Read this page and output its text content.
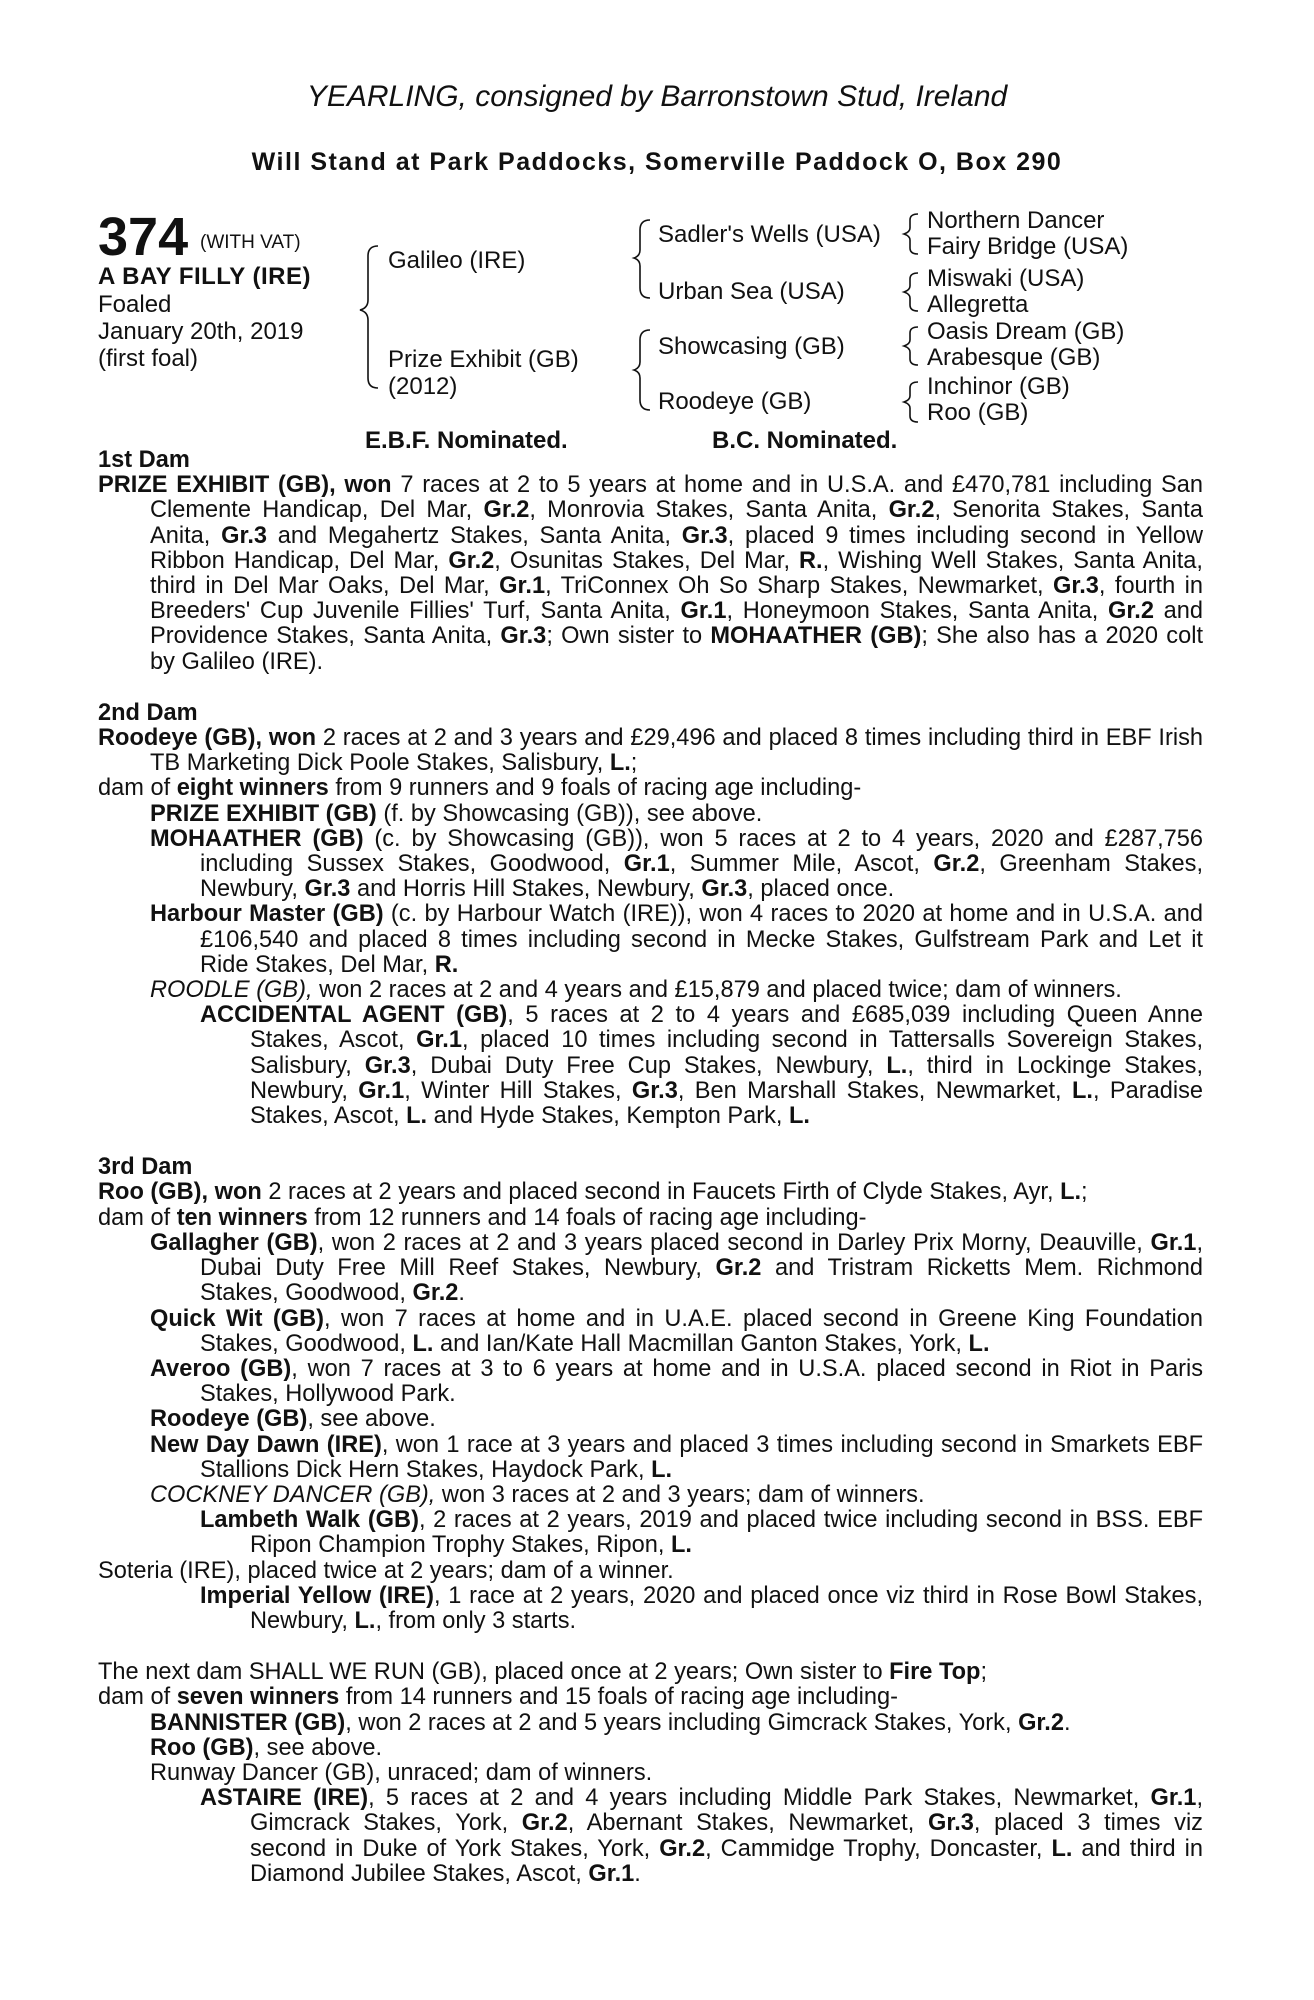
YEARLING, consigned by Barronstown Stud, Ireland
Will Stand at Park Paddocks, Somerville Paddock O, Box 290
374 (WITH VAT)
A BAY FILLY (IRE)
Foaled
January 20th, 2019
(first foal)
Galileo (IRE)
Prize Exhibit (GB)
(2012)
Sadler's Wells (USA)
Urban Sea (USA)
Showcasing (GB)
Roodeye (GB)
Northern Dancer
Fairy Bridge (USA)
Miswaki (USA)
Allegretta
Oasis Dream (GB)
Arabesque (GB)
Inchinor (GB)
Roo (GB)
E.B.F. Nominated.	B.C. Nominated.

1st Dam

PRIZE EXHIBIT (GB), won 7 races at 2 to 5 years at home and in U.S.A. and £470,781 including San Clemente Handicap, Del Mar, Gr.2, Monrovia Stakes, Santa Anita, Gr.2, Senorita Stakes, Santa Anita, Gr.3 and Megahertz Stakes, Santa Anita, Gr.3, placed 9 times including second in Yellow Ribbon Handicap, Del Mar, Gr.2, Osunitas Stakes, Del Mar, R., Wishing Well Stakes, Santa Anita, third in Del Mar Oaks, Del Mar, Gr.1, TriConnex Oh So Sharp Stakes, Newmarket, Gr.3, fourth in Breeders' Cup Juvenile Fillies' Turf, Santa Anita, Gr.1, Honeymoon Stakes, Santa Anita, Gr.2 and Providence Stakes, Santa Anita, Gr.3; Own sister to MOHAATHER (GB); She also has a 2020 colt by Galileo (IRE).

2nd Dam

Roodeye (GB), won 2 races at 2 and 3 years and £29,496 and placed 8 times including third in EBF Irish TB Marketing Dick Poole Stakes, Salisbury, L.;

dam of eight winners from 9 runners and 9 foals of racing age including-

PRIZE EXHIBIT (GB) (f. by Showcasing (GB)), see above.

MOHAATHER (GB) (c. by Showcasing (GB)), won 5 races at 2 to 4 years, 2020 and £287,756 including Sussex Stakes, Goodwood, Gr.1, Summer Mile, Ascot, Gr.2, Greenham Stakes, Newbury, Gr.3 and Horris Hill Stakes, Newbury, Gr.3, placed once.

Harbour Master (GB) (c. by Harbour Watch (IRE)), won 4 races to 2020 at home and in U.S.A. and £106,540 and placed 8 times including second in Mecke Stakes, Gulfstream Park and Let it Ride Stakes, Del Mar, R.

ROODLE (GB), won 2 races at 2 and 4 years and £15,879 and placed twice; dam of winners.

ACCIDENTAL AGENT (GB), 5 races at 2 to 4 years and £685,039 including Queen Anne Stakes, Ascot, Gr.1, placed 10 times including second in Tattersalls Sovereign Stakes, Salisbury, Gr.3, Dubai Duty Free Cup Stakes, Newbury, L., third in Lockinge Stakes, Newbury, Gr.1, Winter Hill Stakes, Gr.3, Ben Marshall Stakes, Newmarket, L., Paradise Stakes, Ascot, L. and Hyde Stakes, Kempton Park, L.

3rd Dam

Roo (GB), won 2 races at 2 years and placed second in Faucets Firth of Clyde Stakes, Ayr, L.;

dam of ten winners from 12 runners and 14 foals of racing age including-

Gallagher (GB), won 2 races at 2 and 3 years placed second in Darley Prix Morny, Deauville, Gr.1, Dubai Duty Free Mill Reef Stakes, Newbury, Gr.2 and Tristram Ricketts Mem. Richmond Stakes, Goodwood, Gr.2.

Quick Wit (GB), won 7 races at home and in U.A.E. placed second in Greene King Foundation Stakes, Goodwood, L. and Ian/Kate Hall Macmillan Ganton Stakes, York, L.

Averoo (GB), won 7 races at 3 to 6 years at home and in U.S.A. placed second in Riot in Paris Stakes, Hollywood Park.

Roodeye (GB), see above.

New Day Dawn (IRE), won 1 race at 3 years and placed 3 times including second in Smarkets EBF Stallions Dick Hern Stakes, Haydock Park, L.

COCKNEY DANCER (GB), won 3 races at 2 and 3 years; dam of winners.

Lambeth Walk (GB), 2 races at 2 years, 2019 and placed twice including second in BSS. EBF Ripon Champion Trophy Stakes, Ripon, L.

Soteria (IRE), placed twice at 2 years; dam of a winner.

Imperial Yellow (IRE), 1 race at 2 years, 2020 and placed once viz third in Rose Bowl Stakes, Newbury, L., from only 3 starts.

The next dam SHALL WE RUN (GB), placed once at 2 years; Own sister to Fire Top;

dam of seven winners from 14 runners and 15 foals of racing age including-

BANNISTER (GB), won 2 races at 2 and 5 years including Gimcrack Stakes, York, Gr.2.

Roo (GB), see above.

Runway Dancer (GB), unraced; dam of winners.

ASTAIRE (IRE), 5 races at 2 and 4 years including Middle Park Stakes, Newmarket, Gr.1, Gimcrack Stakes, York, Gr.2, Abernant Stakes, Newmarket, Gr.3, placed 3 times viz second in Duke of York Stakes, York, Gr.2, Cammidge Trophy, Doncaster, L. and third in Diamond Jubilee Stakes, Ascot, Gr.1.
